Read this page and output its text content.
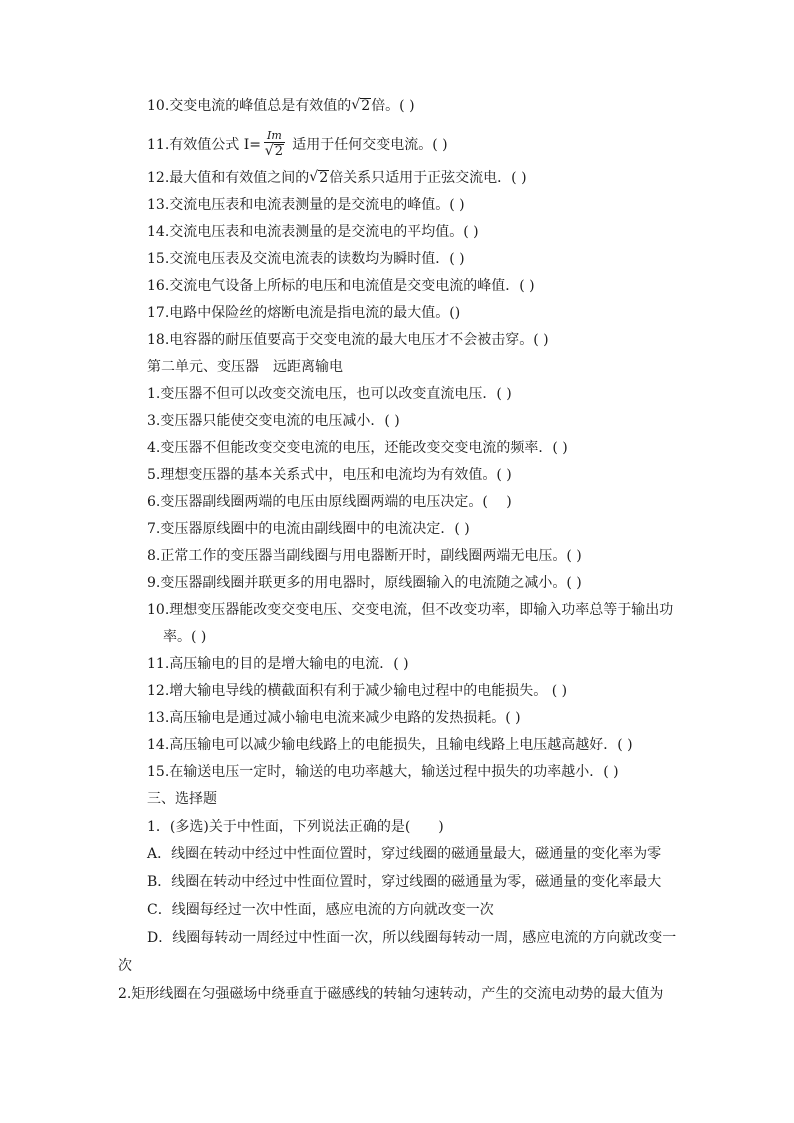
10.交变电流的峰值总是有效值的 √ 2倍。( )
11.有效值公式 I= Im
√ 2 适用于任何交变电流。( )
12.最大值和有效值之间的 √ 2倍关系只适用于正弦交流电．( )
13.交流电压表和电流表测量的是交流电的峰值。( )
14.交流电压表和电流表测量的是交流电的平均值。( )
15.交流电压表及交流电流表的读数均为瞬时值．( )
16.交流电气设备上所标的电压和电流值是交变电流的峰值．( )
17.电路中保险丝的熔断电流是指电流的最大值。()
18.电容器的耐压值要高于交变电流的最大电压才不会被击穿。( )
第二单元、变压器　远距离输电
1.变压器不但可以改变交流电压，也可以改变直流电压．( )
3.变压器只能使交变电流的电压减小．( )
4.变压器不但能改变交变电流的电压，还能改变交变电流的频率．( )
5.理想变压器的基本关系式中，电压和电流均为有效值。( )
6.变压器副线圈两端的电压由原线圈两端的电压决定。(　 )
7.变压器原线圈中的电流由副线圈中的电流决定．( )
8.正常工作的变压器当副线圈与用电器断开时，副线圈两端无电压。( )
9.变压器副线圈并联更多的用电器时，原线圈输入的电流随之减小。( )
10.理想变压器能改变交变电压、交变电流，但不改变功率，即输入功率总等于输出功
率。( )
11.高压输电的目的是增大输电的电流．( )
12.增大输电导线的横截面积有利于减少输电过程中的电能损失。 ( )
13.高压输电是通过减小输电电流来减少电路的发热损耗。( )
14.高压输电可以减少输电线路上的电能损失，且输电线路上电压越高越好．( )
15.在输送电压一定时，输送的电功率越大，输送过程中损失的功率越小．( )
三、选择题
1．(多选)关于中性面，下列说法正确的是(　　)
A．线圈在转动中经过中性面位置时，穿过线圈的磁通量最大，磁通量的变化率为零
B．线圈在转动中经过中性面位置时，穿过线圈的磁通量为零，磁通量的变化率最大
C．线圈每经过一次中性面，感应电流的方向就改变一次
D．线圈每转动一周经过中性面一次，所以线圈每转动一周，感应电流的方向就改变一
次
2.矩形线圈在匀强磁场中绕垂直于磁感线的转轴匀速转动，产生的交流电动势的最大值为
